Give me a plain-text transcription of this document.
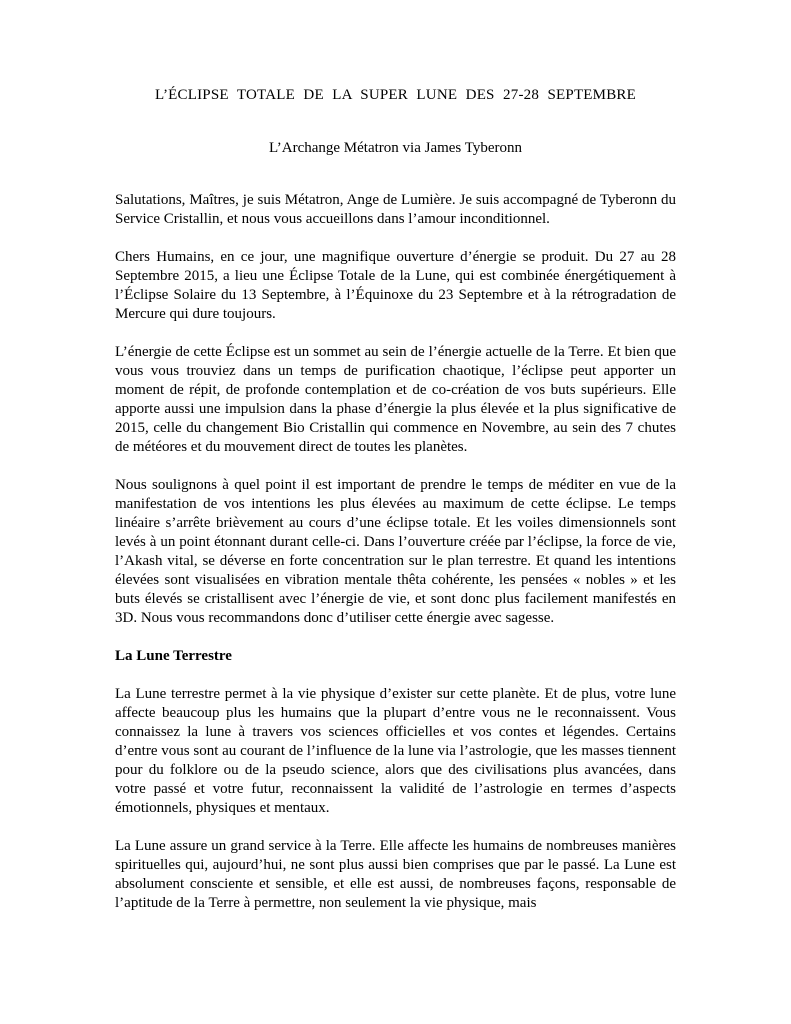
L’ÉCLIPSE TOTALE DE LA SUPER LUNE DES 27-28 SEPTEMBRE

L’Archange Métatron via James Tyberonn

Salutations, Maîtres, je suis Métatron, Ange de Lumière. Je suis accompagné de Tyberonn du Service Cristallin, et nous vous accueillons dans l’amour inconditionnel.

Chers Humains, en ce jour, une magnifique ouverture d’énergie se produit. Du 27 au 28 Septembre 2015, a lieu une Éclipse Totale de la Lune, qui est combinée énergétiquement à l’Éclipse Solaire du 13 Septembre, à l’Équinoxe du 23 Septembre et à la rétrogradation de Mercure qui dure toujours.

L’énergie de cette Éclipse est un sommet au sein de l’énergie actuelle de la Terre. Et bien que vous vous trouviez dans un temps de purification chaotique, l’éclipse peut apporter un moment de répit, de profonde contemplation et de co-création de vos buts supérieurs. Elle apporte aussi une impulsion dans la phase d’énergie la plus élevée et la plus significative de 2015, celle du changement Bio Cristallin qui commence en Novembre, au sein des 7 chutes de météores et du mouvement direct de toutes les planètes.

Nous soulignons à quel point il est important de prendre le temps de méditer en vue de la manifestation de vos intentions les plus élevées au maximum de cette éclipse. Le temps linéaire s’arrête brièvement au cours d’une éclipse totale. Et les voiles dimensionnels sont levés à un point étonnant durant celle-ci. Dans l’ouverture créée par l’éclipse, la force de vie, l’Akash vital, se déverse en forte concentration sur le plan terrestre. Et quand les intentions élevées sont visualisées en vibration mentale thêta cohérente, les pensées « nobles » et les buts élevés se cristallisent avec l’énergie de vie, et sont donc plus facilement manifestés en 3D. Nous vous recommandons donc d’utiliser cette énergie avec sagesse.

La Lune Terrestre

La Lune terrestre permet à la vie physique d’exister sur cette planète. Et de plus, votre lune affecte beaucoup plus les humains que la plupart d’entre vous ne le reconnaissent. Vous connaissez la lune à travers vos sciences officielles et vos contes et légendes. Certains d’entre vous sont au courant de l’influence de la lune via l’astrologie, que les masses tiennent pour du folklore ou de la pseudo science, alors que des civilisations plus avancées, dans votre passé et votre futur, reconnaissent la validité de l’astrologie en termes d’aspects émotionnels, physiques et mentaux.

La Lune assure un grand service à la Terre. Elle affecte les humains de nombreuses manières spirituelles qui, aujourd’hui, ne sont plus aussi bien comprises que par le passé. La Lune est absolument consciente et sensible, et elle est aussi, de nombreuses façons, responsable de l’aptitude de la Terre à permettre, non seulement la vie physique, mais
